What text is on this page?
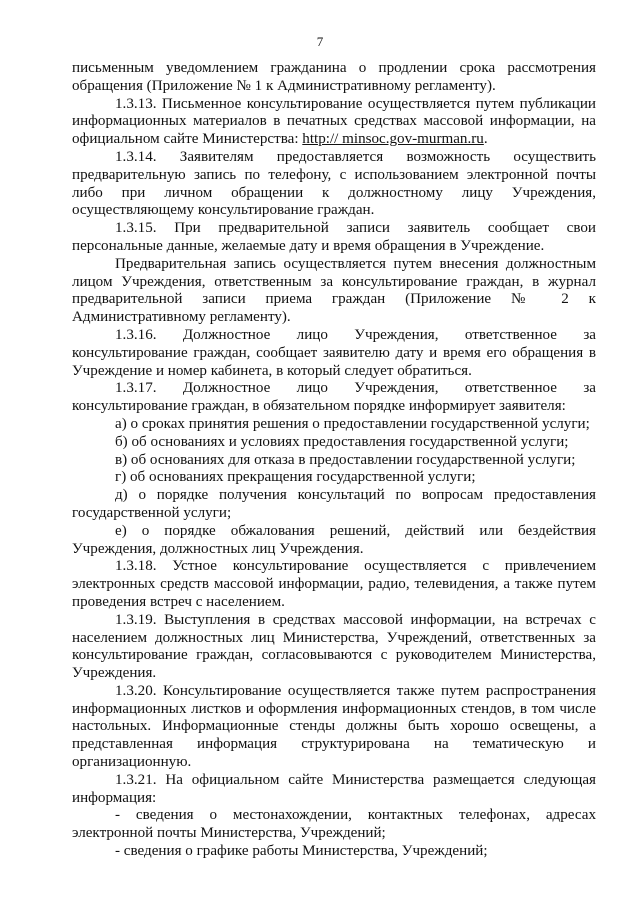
7

письменным уведомлением гражданина о продлении срока рассмотрения обращения (Приложение № 1 к Административному регламенту).

1.3.13. Письменное консультирование осуществляется путем публикации информационных материалов в печатных средствах массовой информации, на официальном сайте Министерства: http:// minsoc.gov-murman.ru.

1.3.14. Заявителям предоставляется возможность осуществить предварительную запись по телефону, с использованием электронной почты либо при личном обращении к должностному лицу Учреждения, осуществляющему консультирование граждан.

1.3.15. При предварительной записи заявитель сообщает свои персональные данные, желаемые дату и время обращения в Учреждение.

Предварительная запись осуществляется путем внесения должностным лицом Учреждения, ответственным за консультирование граждан, в журнал предварительной записи приема граждан (Приложение № 2 к Административному регламенту).

1.3.16. Должностное лицо Учреждения, ответственное за консультирование граждан, сообщает заявителю дату и время его обращения в Учреждение и номер кабинета, в который следует обратиться.

1.3.17. Должностное лицо Учреждения, ответственное за консультирование граждан, в обязательном порядке информирует заявителя:

а) о сроках принятия решения о предоставлении государственной услуги;

б) об основаниях и условиях предоставления государственной услуги;

в) об основаниях для отказа в предоставлении государственной услуги;

г) об основаниях прекращения государственной услуги;

д) о порядке получения консультаций по вопросам предоставления государственной услуги;

е) о порядке обжалования решений, действий или бездействия Учреждения, должностных лиц Учреждения.

1.3.18. Устное консультирование осуществляется с привлечением электронных средств массовой информации, радио, телевидения, а также путем проведения встреч с населением.

1.3.19. Выступления в средствах массовой информации, на встречах с населением должностных лиц Министерства, Учреждений, ответственных за консультирование граждан, согласовываются с руководителем Министерства, Учреждения.

1.3.20. Консультирование осуществляется также путем распространения информационных листков и оформления информационных стендов, в том числе настольных. Информационные стенды должны быть хорошо освещены, а представленная информация структурирована на тематическую и организационную.

1.3.21. На официальном сайте Министерства размещается следующая информация:

- сведения о местонахождении, контактных телефонах, адресах электронной почты Министерства, Учреждений;

- сведения о графике работы Министерства, Учреждений;
